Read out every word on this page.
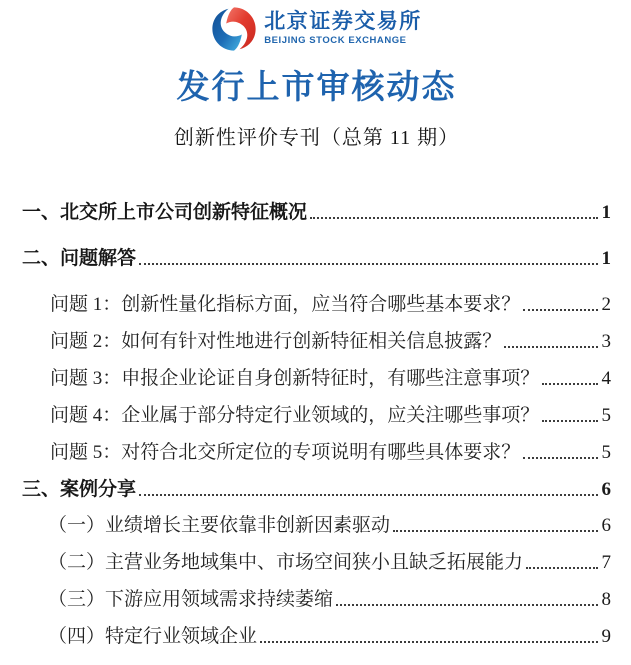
北京证券交易所
BEIJING STOCK EXCHANGE
发行上市审核动态
创新性评价专刊（总第 11 期）
一、北交所上市公司创新特征概况	1
二、问题解答	1
问题 1：创新性量化指标方面，应当符合哪些基本要求？	2
问题 2：如何有针对性地进行创新特征相关信息披露？	3
问题 3：申报企业论证自身创新特征时，有哪些注意事项？	4
问题 4：企业属于部分特定行业领域的，应关注哪些事项？	5
问题 5：对符合北交所定位的专项说明有哪些具体要求？	5
三、案例分享	6
（一）业绩增长主要依靠非创新因素驱动	6
（二）主营业务地域集中、市场空间狭小且缺乏拓展能力	7
（三）下游应用领域需求持续萎缩	8
（四）特定行业领域企业	9
